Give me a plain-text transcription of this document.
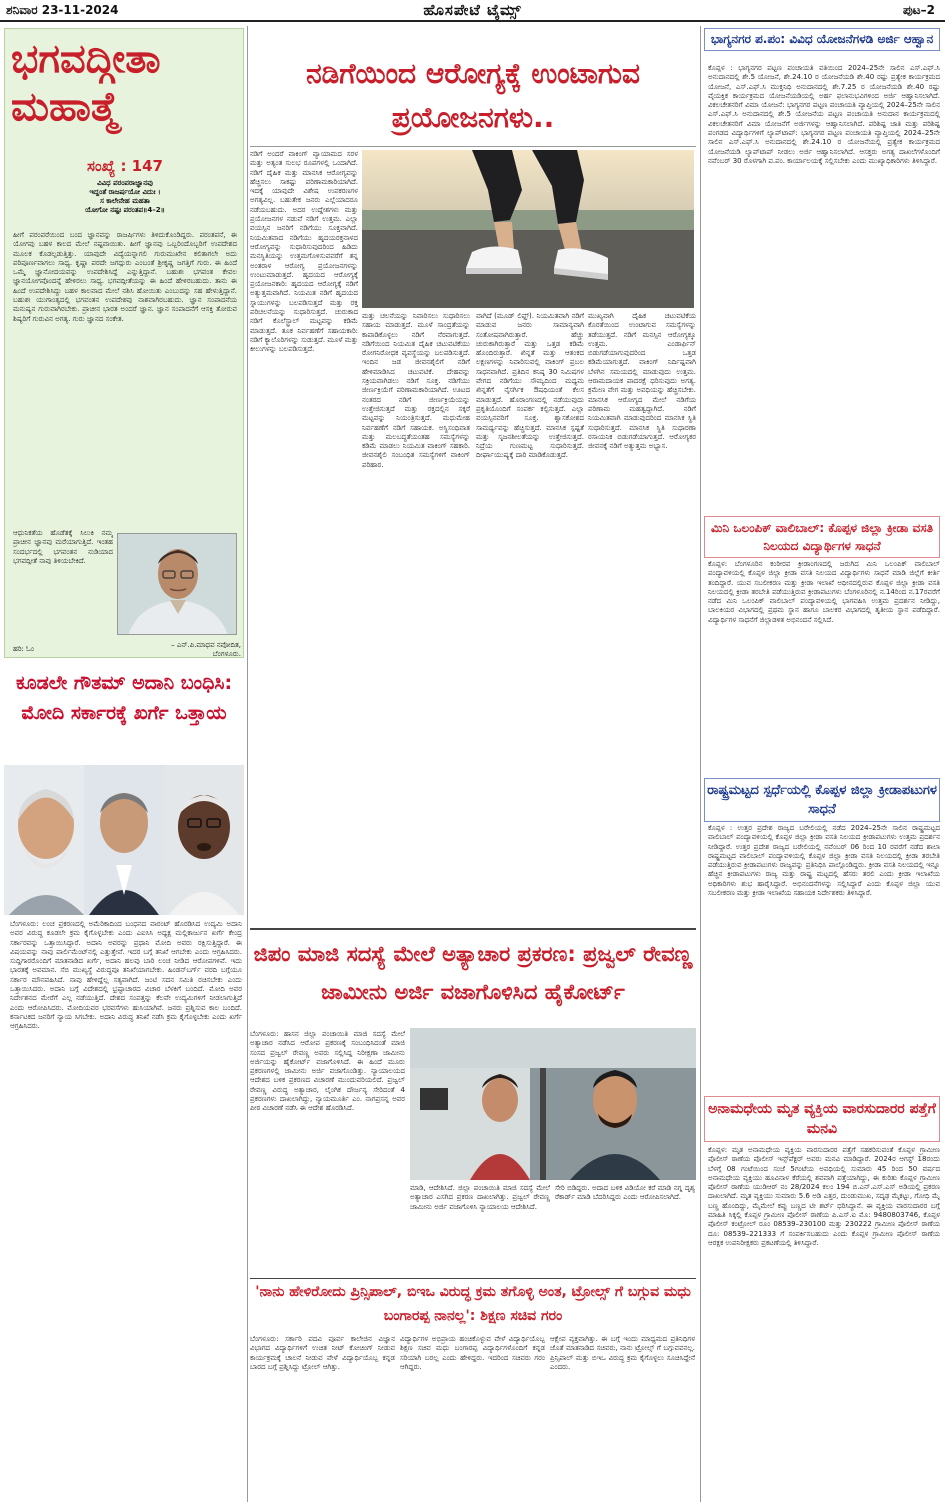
ಶನಿವಾರ 23-11-2024	ಹೊಸಪೇಟೆ ಟೈಮ್ಸ್	ಪುಟ–2
ಭಗವದ್ಗೀತಾ ಮಹಾತ್ಮೆ
ಸಂಖ್ಯೆ : 147
ವಿವಿಧ ಪರಂಪರಾಜ್ಞಾನವು
ಇದ್ದಂತೆ ರಾಜರ್ಷಯೋ ವಿದುಃ ।
ಸ ಕಾಲೇನೇಹ ಮಹತಾ
ಯೋಗೋ ನಷ್ಟಃ ಪರಂತಪ॥4–2॥
ಹೀಗೆ ಪರಂಪರೆಯಿಂದ ಬಂದ ಜ್ಞಾನವನ್ನು ರಾಜರ್ಷಿಗಳು ತಿಳಿದುಕೊಂಡಿದ್ದರು. ಪರಂತಪನೆ, ಈ ಯೋಗವು ಬಹಳ ಕಾಲದ ಮೇಲೆ ನಷ್ಟವಾಯಿತು. ಹೀಗೆ ಜ್ಞಾನವು ಒಬ್ಬರಿಂದೊಬ್ಬರಿಗೆ ಉಪದೇಶದ ಮೂಲಕ ಕೊಡಲ್ಪಡುತ್ತಿತ್ತು. ಯಾವುದೇ ವಿದ್ಯೆಯನ್ನಾಗಲಿ ಗುರುಮುಖೇನ ಕಲಿತಾಗಲೇ ಅದು ಪರಿಪೂರ್ಣವಾಗಲು ಸಾಧ್ಯ. ಕೃಷ್ಣಾ ಪರದೇ ಜಗದ್ಗುರು ಎಂಬಂತೆ ಶ್ರೀಕೃಷ್ಣ ಜಗತ್ತಿಗೆ ಗುರು. ಈ ಹಿಂದೆ ಒಮ್ಮೆ ಜ್ಞಾನೋದಯವನ್ನು ಉಪದೇಶಿಸಿದ್ದೆ ಎನ್ನುತ್ತಿದ್ದಾನೆ. ಬಹುಶಃ ಭಗವಂತ ಕೇವಲ ಜ್ಞಾನಯೋಗವೊಂದನ್ನೆ ಹೇಳಿರಲು ಸಾಧ್ಯ. ಭಗವದ್ಗೀತೆಯನ್ನು ಈ ಹಿಂದೆ ಹೇಳಿರಬಹುದು. ತಾನು ಈ ಹಿಂದೆ ಉಪದೇಶಿಸಿದ್ದು ಬಹಳ ಕಾಲವಾದ ಮೇಲೆ ನಶಿಸಿ ಹೋಯಿತು ಎಂಬುದನ್ನು ಸಹ ಹೇಳುತ್ತಿದ್ದಾನೆ. ಬಹುಶಃ ಯುಗಾಂತ್ಯದಲ್ಲಿ ಭಗವಂತನ ಉಪದೇಶವು ನಾಶವಾಗಿರಬಹುದು. ಜ್ಞಾನ ಸಂಪಾದನೆಯ ಮನುಷ್ಯನ ಗುರುವಾಗಿರಬೇಕು. ಪ್ರಾಚೀನ ಭಾರತ ಅಂದರೆ ಜ್ಞಾನ. ಜ್ಞಾನ ಸಂಪಾದನೆಗೆ ಆಸಕ್ತಿ ತೋರುವ ಶಿಷ್ಯರಿಗೆ ಗುರುವಿನ ಅಗತ್ಯ. ಗುರು ಜ್ಞಾನದ ಸಂಕೇತ.
ಆಧುನಿಕತೆಯ ಹೊಡೆತಕ್ಕೆ ಸಿಲುಕಿ ನಮ್ಮ ಪ್ರಾಚೀನ ಜ್ಞಾನವು ಮರೆಯಾಗುತ್ತಿದೆ. ಇಂತಹ ಸಂದರ್ಭದಲ್ಲಿ ಭಗವಂತನ ನುಡಿಯಾದ ಭಗವದ್ಗೀತೆ ನಾವು ತಿಳಿಯಬೇಕಿದೆ.
ಹರಿ: ಓಂ	– ಎನ್.ಪಿ.ಮಾಧವ ನವೋದಿತ,
ಬೆಂಗಳೂರು.
ಕೂಡಲೇ ಗೌತಮ್ ಅದಾನಿ ಬಂಧಿಸಿ: ಮೋದಿ ಸರ್ಕಾರಕ್ಕೆ ಖರ್ಗೆ ಒತ್ತಾಯ
ಬೆಂಗಳೂರು: ಲಂಚ ಪ್ರಕರಣದಲ್ಲಿ ಅಮೆರಿಕಾದಿಂದ ಬಂಧನದ ವಾರಂಟ್ ಹೊರಡಿಸಿದ ಉದ್ಯಮಿ ಅದಾನಿ ಅವರ ವಿರುದ್ಧ ಕೂಡಲೇ ಕ್ರಮ ಕೈಗೊಳ್ಳಬೇಕು ಎಂದು ಎಐಸಿಸಿ ಅಧ್ಯಕ್ಷ ಮಲ್ಲಿಕಾರ್ಜುನ ಖರ್ಗೆ ಕೇಂದ್ರ ಸರ್ಕಾರವನ್ನು ಒತ್ತಾಯಿಸಿದ್ದಾರೆ. ಅದಾನಿ ಅವರನ್ನು ಪ್ರಧಾನಿ ಮೋದಿ ಅವರು ರಕ್ಷಿಸುತ್ತಿದ್ದಾರೆ. ಈ ವಿಷಯವನ್ನು ನಾವು ಪಾರ್ಲಿಮೆಂಟ್‌ನಲ್ಲಿ ಎತ್ತುತ್ತೇವೆ. ಇದರ ಬಗ್ಗೆ ತನಿಖೆ ಆಗಬೇಕು ಎಂದು ಆಗ್ರಹಿಸಿದರು. ಸುದ್ದಿಗಾರರೊಂದಿಗೆ ಮಾತನಾಡಿದ ಖರ್ಗೆ, ಅದಾನಿ ಹಲವು ಬಾರಿ ಲಂಚ ನೀಡಿದ ಆರೋಪಗಳಿವೆ. ಇದು ಭಾರತಕ್ಕೆ ಅವಮಾನ. ಸೆಬಿ ಮುಖ್ಯಸ್ಥೆ ವಿರುದ್ಧವೂ ತನಿಖೆಯಾಗಬೇಕು. ಹಿಂಡನ್‌ಬರ್ಗ್ ವರದಿ ಬಗ್ಗೆಯೂ ಸರ್ಕಾರ ಮೌನವಹಿಸಿದೆ. ನಾವು ಹೇಳಿದ್ದೆಲ್ಲ ಸತ್ಯವಾಗಿದೆ. ಜಂಟಿ ಸದನ ಸಮಿತಿ ರಚಿಸಬೇಕು ಎಂದು ಒತ್ತಾಯಿಸಿದರು. ಅದಾನಿ ಬಗ್ಗೆ ವಿದೇಶದಲ್ಲಿ ಭ್ರಷ್ಟಾಚಾರದ ವಿಚಾರ ಬೆಳಕಿಗೆ ಬಂದಿದೆ. ಮೋದಿ ಅವರ ನಿರ್ದೇಶನದ ಮೇರೆಗೆ ಎಲ್ಲ ನಡೆಯುತ್ತಿದೆ. ದೇಶದ ಸಂಪತ್ತನ್ನು ಕೆಲವೇ ಉದ್ಯಮಿಗಳಿಗೆ ನೀಡಲಾಗುತ್ತಿದೆ ಎಂದು ಆರೋಪಿಸಿದರು. ಮೋದಿಯವರ ಭರವಸೆಗಳು ಹುಸಿಯಾಗಿವೆ. ಜನರು ಪ್ರಶ್ನಿಸುವ ಕಾಲ ಬಂದಿದೆ. ಕರ್ನಾಟಕದ ಜನರಿಗೆ ನ್ಯಾಯ ಸಿಗಬೇಕು. ಅದಾನಿ ವಿರುದ್ಧ ತನಿಖೆ ನಡೆಸಿ ಕ್ರಮ ಕೈಗೊಳ್ಳಬೇಕು ಎಂದು ಖರ್ಗೆ ಆಗ್ರಹಿಸಿದರು.
ನಡಿಗೆಯಿಂದ ಆರೋಗ್ಯಕ್ಕೆ ಉಂಟಾಗುವ ಪ್ರಯೋಜನಗಳು..
ನಡಿಗೆ ಅಂದರೆ ವಾಕಿಂಗ್ ವ್ಯಾಯಾಮದ ಸರಳ ಮತ್ತು ಅತ್ಯಂತ ಸುಲಭ ರೂಪಗಳಲ್ಲಿ ಒಂದಾಗಿದೆ. ನಡಿಗೆ ದೈಹಿಕ ಮತ್ತು ಮಾನಸಿಕ ಆರೋಗ್ಯವನ್ನು ಹೆಚ್ಚಿಸಲು ಸಾಕಷ್ಟು ಪರಿಣಾಮಕಾರಿಯಾಗಿದೆ. ಇದಕ್ಕೆ ಯಾವುದೇ ವಿಶೇಷ ಉಪಕರಣಗಳ ಅಗತ್ಯವಿಲ್ಲ. ಬಹುತೇಕ ಜನರು ಎಲ್ಲೆಯಾದರೂ ನಡೆಯಬಹುದು. ಅದರ ಉದ್ದೇಶಗಳು ಮತ್ತು ಪ್ರಯೋಜನಗಳ ನಡುವೆ ನಡಿಗೆ ಉತ್ತಮ. ಎಲ್ಲಾ ವಯಸ್ಸಿನ ಜನರಿಗೆ ನಡಿಗೆಯು ಸೂಕ್ತವಾಗಿದೆ. ನಿಯಮಿತವಾದ ನಡಿಗೆಯು ಹೃದಯರಕ್ತನಾಳದ ಆರೋಗ್ಯವನ್ನು ಸುಧಾರಿಸುವುದರಿಂದ ಹಿಡಿದು ಮನಸ್ಥಿತಿಯನ್ನು ಉತ್ತಮಗೊಳಿಸುವವರೆಗೆ ತನ್ನ ಅಂತರಾಳ ಆರೋಗ್ಯ ಪ್ರಯೋಜನಗಳನ್ನು ಉಂಟುಮಾಡುತ್ತದೆ. ಹೃದಯದ ಆರೋಗ್ಯಕ್ಕೆ ಪ್ರಯೋಜನಕಾರಿ: ಹೃದಯದ ಆರೋಗ್ಯಕ್ಕೆ ನಡಿಗೆ ಅತ್ಯುತ್ತಮವಾಗಿದೆ. ನಿಯಮಿತ ನಡಿಗೆ ಹೃದಯದ ಸ್ನಾಯುಗಳನ್ನು ಬಲಪಡಿಸುತ್ತದೆ ಮತ್ತು ರಕ್ತ ಪರಿಚಲನೆಯನ್ನು ಸುಧಾರಿಸುತ್ತದೆ. ಚುರುಕಾದ ನಡಿಗೆ ಕೊಲೆಸ್ಟ್ರಾಲ್ ಮಟ್ಟವನ್ನು ಕಡಿಮೆ ಮಾಡುತ್ತದೆ. ತೂಕ ನಿರ್ವಹಣೆಗೆ ಸಹಾಯಕಾರಿ: ನಡಿಗೆ ಕ್ಯಾಲೊರಿಗಳನ್ನು ಸುಡುತ್ತದೆ. ಮೂಳೆ ಮತ್ತು ಕೀಲುಗಳನ್ನು ಬಲಪಡಿಸುತ್ತದೆ.
ಮತ್ತು ಚಲನೆಯನ್ನು ನಿವಾರಿಸಲು ಸುಧಾರಿಸಲು ಸಹಾಯ ಮಾಡುತ್ತದೆ. ಮೂಳೆ ಸಾಂದ್ರತೆಯನ್ನು ಕಾಪಾಡಿಕೊಳ್ಳಲು ನಡಿಗೆ ನೆರವಾಗುತ್ತದೆ. ನಡಿಗೆಯಿಂದ ನಿಯಮಿತ ದೈಹಿಕ ಚಟುವಟಿಕೆಯು ರೋಗನಿರೋಧಕ ವ್ಯವಸ್ಥೆಯನ್ನು ಬಲಪಡಿಸುತ್ತದೆ. ಇಂದಿನ ಜಡ ಜೀವನಶೈಲಿಗೆ ನಡಿಗೆ ಹೇಳಿಮಾಡಿಸಿದ ಚಟುವಟಿಕೆ. ದೇಹವನ್ನು ಸಕ್ರಿಯವಾಗಿಡಲು ನಡಿಗೆ ಸೂಕ್ತ. ನಡಿಗೆಯು ಜೀರ್ಣಕ್ರಿಯೆಗೆ ಪರಿಣಾಮಕಾರಿಯಾಗಿದೆ. ಊಟದ ನಂತರದ ನಡಿಗೆ ಜೀರ್ಣಕ್ರಿಯೆಯನ್ನು ಉತ್ತೇಜಿಸುತ್ತದೆ ಮತ್ತು ರಕ್ತದಲ್ಲಿನ ಸಕ್ಕರೆ ಮಟ್ಟವನ್ನು ನಿಯಂತ್ರಿಸುತ್ತದೆ. ಮಧುಮೇಹ ನಿರ್ವಹಣೆಗೆ ನಡಿಗೆ ಸಹಾಯಕ. ಅಸ್ಥಿಸಂಧಿವಾತ ಮತ್ತು ಮಲಬದ್ಧತೆಯಂತಹ ಸಮಸ್ಯೆಗಳನ್ನು ಕಡಿಮೆ ಮಾಡಲು ನಿಯಮಿತ ವಾಕಿಂಗ್ ಸಹಕಾರಿ. ಜೀವನಶೈಲಿ ಸಂಬಂಧಿತ ಸಮಸ್ಯೆಗಳಿಗೆ ವಾಕಿಂಗ್ ಪರಿಹಾರ.
ವಾಗಿದೆ (ಮೂಡ್ ಲಿಫ್ಟ್). ನಿಯಮಿತವಾಗಿ ನಡಿಗೆ ಮಾಡುವ ಜನರು ಸಾಮಾನ್ಯವಾಗಿ ಸಂತೋಷವಾಗಿರುತ್ತಾರೆ. ಹೆಚ್ಚು ಚುರುಕಾಗಿರುತ್ತಾರೆ ಮತ್ತು ಒತ್ತಡ ಕಡಿಮೆ ಹೊಂದಿರುತ್ತಾರೆ. ಖಿನ್ನತೆ ಮತ್ತು ಆತಂಕದ ಲಕ್ಷಣಗಳನ್ನು ನಿವಾರಿಸುವಲ್ಲಿ ವಾಕಿಂಗ್ ಪ್ರಬಲ ಸಾಧನವಾಗಿದೆ. ಪ್ರತಿದಿನ ಕನಿಷ್ಠ 30 ನಿಮಿಷಗಳ ವೇಗದ ನಡಿಗೆಯು ಸೌಮ್ಯದಿಂದ ಮಧ್ಯಮ ಖಿನ್ನತೆಗೆ ನೈಸರ್ಗಿಕ ಔಷಧಿಯಂತೆ ಕೆಲಸ ಮಾಡುತ್ತದೆ. ಹೊರಾಂಗಣದಲ್ಲಿ ನಡೆಯುವುದು ಪ್ರಕೃತಿಯೊಂದಿಗೆ ಸಂಪರ್ಕ ಕಲ್ಪಿಸುತ್ತದೆ. ಎಲ್ಲಾ ವಯಸ್ಸಿನವರಿಗೆ ಸೂಕ್ತ. ಶ್ವಾಸಕೋಶದ ಸಾಮರ್ಥ್ಯವನ್ನು ಹೆಚ್ಚಿಸುತ್ತದೆ. ಮಾನಸಿಕ ಸ್ಪಷ್ಟತೆ ಮತ್ತು ಸೃಜನಶೀಲತೆಯನ್ನು ಉತ್ತೇಜಿಸುತ್ತದೆ. ನಿದ್ರೆಯ ಗುಣಮಟ್ಟ ಸುಧಾರಿಸುತ್ತದೆ. ದೀರ್ಘಾಯುಷ್ಯಕ್ಕೆ ದಾರಿ ಮಾಡಿಕೊಡುತ್ತದೆ.
ಮುಖ್ಯವಾಗಿ ದೈಹಿಕ ಚಟುವಟಿಕೆಯ ಕೊರತೆಯಿಂದ ಉಂಟಾಗುವ ಸಮಸ್ಯೆಗಳನ್ನು ತಡೆಯುತ್ತದೆ. ನಡಿಗೆ ಮನಸ್ಸಿನ ಆರೋಗ್ಯಕ್ಕೂ ಉತ್ತಮ. ಎಂಡಾರ್ಫಿನ್ ಬಿಡುಗಡೆಯಾಗುವುದರಿಂದ ಒತ್ತಡ ಕಡಿಮೆಯಾಗುತ್ತದೆ. ವಾಕಿಂಗ್ ನಿರ್ದಿಷ್ಟವಾಗಿ ಬೆಳಗಿನ ಸಮಯದಲ್ಲಿ ಮಾಡುವುದು ಉತ್ತಮ. ಆರಾಮದಾಯಕ ಪಾದರಕ್ಷೆ ಧರಿಸುವುದು ಅಗತ್ಯ. ಕ್ರಮೇಣ ವೇಗ ಮತ್ತು ಅವಧಿಯನ್ನು ಹೆಚ್ಚಿಸಬೇಕು. ಮಾನಸಿಕ ಆರೋಗ್ಯದ ಮೇಲೆ ನಡಿಗೆಯ ಪರಿಣಾಮ ಮಹತ್ವದ್ದಾಗಿದೆ. ನಡಿಗೆ ನಿಯಮಿತವಾಗಿ ಮಾಡುವುದರಿಂದ ಮಾನಸಿಕ ಸ್ಥಿತಿ ಸುಧಾರಿಸುತ್ತದೆ. ಮಾನಸಿಕ ಸ್ಥಿತಿ ಸುಧಾರಣಾ ರಸಾಯನಿಕ ಬಿಡುಗಡೆಯಾಗುತ್ತದೆ. ಆರೋಗ್ಯಕರ ಜೀವನಕ್ಕೆ ನಡಿಗೆ ಅತ್ಯುತ್ತಮ ಅಭ್ಯಾಸ.
ಜಿಪಂ ಮಾಜಿ ಸದಸ್ಯೆ ಮೇಲೆ ಅತ್ಯಾಚಾರ ಪ್ರಕರಣ: ಪ್ರಜ್ವಲ್ ರೇವಣ್ಣ ಜಾಮೀನು ಅರ್ಜಿ ವಜಾಗೊಳಿಸಿದ ಹೈಕೋರ್ಟ್
ಬೆಂಗಳೂರು: ಹಾಸನ ಜಿಲ್ಲಾ ಪಂಚಾಯಿತಿ ಮಾಜಿ ಸದಸ್ಯೆ ಮೇಲೆ ಅತ್ಯಾಚಾರ ನಡೆಸಿದ ಆರೋಪ ಪ್ರಕರಣಕ್ಕೆ ಸಂಬಂಧಿಸಿದಂತೆ ಮಾಜಿ ಸಂಸದ ಪ್ರಜ್ವಲ್ ರೇವಣ್ಣ ಅವರು ಸಲ್ಲಿಸಿದ್ದ ನಿರೀಕ್ಷಣಾ ಜಾಮೀನು ಅರ್ಜಿಯನ್ನು ಹೈಕೋರ್ಟ್ ವಜಾಗೊಳಿಸಿದೆ. ಈ ಹಿಂದೆ ಮೂರು ಪ್ರಕರಣಗಳಲ್ಲಿ ಜಾಮೀನು ಅರ್ಜಿ ವಜಾಗೊಂಡಿತ್ತು. ನ್ಯಾಯಾಲಯದ ಆದೇಶದ ಬಳಿಕ ಪ್ರಕರಣದ ವಿಚಾರಣೆ ಮುಂದುವರಿಯಲಿದೆ. ಪ್ರಜ್ವಲ್ ರೇವಣ್ಣ ವಿರುದ್ಧ ಅತ್ಯಾಚಾರ, ಲೈಂಗಿಕ ದೌರ್ಜನ್ಯ ಸೇರಿದಂತೆ 4 ಪ್ರಕರಣಗಳು ದಾಖಲಾಗಿದ್ದು, ನ್ಯಾಯಮೂರ್ತಿ ಎಂ. ನಾಗಪ್ರಸನ್ನ ಅವರ ಪೀಠ ವಿಚಾರಣೆ ನಡೆಸಿ ಈ ಆದೇಶ ಹೊರಡಿಸಿದೆ.
ಮಾಡಿ, ಆದೇಶಿಸಿದೆ. ಜಿಲ್ಲಾ ಪಂಚಾಯಿತಿ ಮಾಜಿ ಸದಸ್ಯೆ ಮೇಲೆ ಅತ್ಯಾಚಾರ ಎಸಗಿದ ಪ್ರಕರಣ ದಾಖಲಾಗಿತ್ತು. ಪ್ರಜ್ವಲ್ ರೇವಣ್ಣ ಜಾಮೀನು ಅರ್ಜಿ ವಜಾಗೊಳಿಸಿ ನ್ಯಾಯಾಲಯ ಆದೇಶಿಸಿದೆ.
ಸೇರಿ ಬಿಡಿದ್ದರು. ಅದಾದ ಬಳಿಕ ವಿಡಿಯೋ ಕರೆ ಮಾಡಿ ನಗ್ನ ದೃಶ್ಯ ರೆಕಾರ್ಡ್ ಮಾಡಿ ಬೆದರಿಸಿದ್ದರು ಎಂದು ಆರೋಪಿಸಲಾಗಿದೆ.
'ನಾನು ಹೇಳಿರೋದು ಪ್ರಿನ್ಸಿಪಾಲ್, ಬಿಇಒ ವಿರುದ್ಧ ಕ್ರಮ ತಗೊಳ್ಳಿ ಅಂತ, ಟ್ರೋಲ್ಸ್ ಗೆ ಬಗ್ಗುವ ಮಧು ಬಂಗಾರಪ್ಪ ನಾನಲ್ಲ': ಶಿಕ್ಷಣ ಸಚಿವ ಗರಂ
ಬೆಂಗಳೂರು: ಸರ್ಕಾರಿ ಪದವಿ ಪೂರ್ವ ಕಾಲೇಜಿನ ವಿಜ್ಞಾನ ವಿಭಾಗದ ವಿದ್ಯಾರ್ಥಿಗಳಿಗೆ ಉಚಿತ ನೀಟ್ ಕೋಚಿಂಗ್ ನೀಡುವ ಕಾರ್ಯಕ್ರಮಕ್ಕೆ ಚಾಲನೆ ನೀಡುವ ವೇಳೆ ವಿದ್ಯಾರ್ಥಿಯೊಬ್ಬ ಕನ್ನಡ ಬಾರದ ಬಗ್ಗೆ ಪ್ರಶ್ನಿಸಿದ್ದು ಟ್ರೋಲ್ ಆಗಿತ್ತು.
ವಿದ್ಯಾರ್ಥಿಗಳ ಅಭಿಪ್ರಾಯ ಹಂಚಿಕೊಳ್ಳುವ ವೇಳೆ ವಿದ್ಯಾರ್ಥಿಯೊಬ್ಬ ಶಿಕ್ಷಣ ಸಚಿವ ಮಧು ಬಂಗಾರಪ್ಪ ವಿದ್ಯಾರ್ಥಿಗಳೊಂದಿಗೆ ಕನ್ನಡ ಸರಿಯಾಗಿ ಬರಲ್ಲ ಎಂದು ಹೇಳಿದ್ದರು. ಇದರಿಂದ ಸಚಿವರು ಗರಂ ಆಗಿದ್ದರು.
ಆಕ್ಷೇಪ ವ್ಯಕ್ತವಾಗಿತ್ತು. ಈ ಬಗ್ಗೆ ಇಂದು ಮಾಧ್ಯಮದ ಪ್ರತಿನಿಧಿಗಳ ಜೊತೆ ಮಾತನಾಡಿದ ಸಚಿವರು, ನಾನು ಟ್ರೋಲ್ಸ್ ಗೆ ಬಗ್ಗುವವನಲ್ಲ. ಪ್ರಿನ್ಸಿಪಾಲ್ ಮತ್ತು ಬಿಇಒ ವಿರುದ್ಧ ಕ್ರಮ ಕೈಗೊಳ್ಳಲು ಸೂಚಿಸಿದ್ದೇನೆ ಎಂದರು.
ಭಾಗ್ಯನಗರ ಪ.ಪಂ: ವಿವಿಧ ಯೋಜನೆಗಳಡಿ ಅರ್ಜಿ ಆಹ್ವಾನ
ಕೊಪ್ಪಳ : ಭಾಗ್ಯನಗರ ಪಟ್ಟಣ ಪಂಚಾಯತಿ ವತಿಯಿಂದ 2024–25ನೇ ಸಾಲಿನ ಎಸ್.ಎಫ್.ಸಿ ಅನುದಾನದಲ್ಲಿ ಶೇ.5 ಯೋಜನೆ, ಶೇ.24.10 ರ ಯೋಜನೆಯಡಿ ಶೇ.40 ರಷ್ಟು ಪ್ರತ್ಯೇಕ ಕಾರ್ಯಕ್ರಮದ ಯೋಜನೆ, ಎಸ್.ಎಫ್.ಸಿ ಮುಕ್ತನಿಧಿ ಅನುದಾನದಲ್ಲಿ ಶೇ.7.25 ರ ಯೋಜನೆಯಡಿ ಶೇ.40 ರಷ್ಟು ವೈಯಕ್ತಿಕ ಕಾರ್ಯಕ್ರಮದ ಯೋಜನೆಯಡಿಯಲ್ಲಿ ಅರ್ಹ ಫಲಾನುಭವಿಗಳಿಂದ ಅರ್ಜಿ ಆಹ್ವಾನಿಸಲಾಗಿದೆ. ವಿಕಲಚೇತನರಿಗೆ ವಿಮಾ ಯೋಜನೆ: ಭಾಗ್ಯನಗರ ಪಟ್ಟಣ ಪಂಚಾಯತಿ ವ್ಯಾಪ್ತಿಯಲ್ಲಿ 2024–25ನೇ ಸಾಲಿನ ಎಸ್.ಎಫ್.ಸಿ ಅನುದಾನದಲ್ಲಿ ಶೇ.5 ಯೋಜನೆಯ ಪಟ್ಟಣ ಪಂಚಾಯತಿ ಅನುದಾನ ಕಾರ್ಯಕ್ರಮದಲ್ಲಿ ವಿಕಲಚೇತನರಿಗೆ ವಿಮಾ ಯೋಜನೆಗೆ ಅರ್ಜಿಗಳನ್ನು ಆಹ್ವಾನಿಸಲಾಗಿದೆ. ಪರಿಶಿಷ್ಟ ಜಾತಿ ಮತ್ತು ಪರಿಶಿಷ್ಟ ಪಂಗಡದ ವಿದ್ಯಾರ್ಥಿಗಳಿಗೆ ಲ್ಯಾಪ್‌ಟಾಪ್: ಭಾಗ್ಯನಗರ ಪಟ್ಟಣ ಪಂಚಾಯತಿ ವ್ಯಾಪ್ತಿಯಲ್ಲಿ 2024–25ನೇ ಸಾಲಿನ ಎಸ್.ಎಫ್.ಸಿ ಅನುದಾನದಲ್ಲಿ ಶೇ.24.10 ರ ಯೋಜನೆಯಲ್ಲಿ ಪ್ರತ್ಯೇಕ ಕಾರ್ಯಕ್ರಮದ ಯೋಜನೆಯಡಿ ಲ್ಯಾಪ್‌ಟಾಪ್ ನೀಡಲು ಅರ್ಜಿ ಆಹ್ವಾನಿಸಲಾಗಿದೆ. ಆಸಕ್ತರು ಅಗತ್ಯ ದಾಖಲೆಗಳೊಂದಿಗೆ ನವೆಂಬರ್ 30 ರೊಳಗಾಗಿ ಪ.ಪಂ. ಕಾರ್ಯಾಲಯಕ್ಕೆ ಸಲ್ಲಿಸಬೇಕು ಎಂದು ಮುಖ್ಯಾಧಿಕಾರಿಗಳು ತಿಳಿಸಿದ್ದಾರೆ.
ಮಿನಿ ಒಲಂಪಿಕ್ ವಾಲಿಬಾಲ್: ಕೊಪ್ಪಳ ಜಿಲ್ಲಾ ಕ್ರೀಡಾ ವಸತಿ ನಿಲಯದ ವಿದ್ಯಾರ್ಥಿಗಳ ಸಾಧನೆ
ಕೊಪ್ಪಳ: ಬೆಂಗಳೂರಿನ ಕಂಠೀರವ ಕ್ರೀಡಾಂಗಣದಲ್ಲಿ ಜರುಗಿದ ಮಿನಿ ಒಲಂಪಿಕ್ ವಾಲಿಬಾಲ್ ಪಂದ್ಯಾವಳಿಯಲ್ಲಿ ಕೊಪ್ಪಳ ಜಿಲ್ಲಾ ಕ್ರೀಡಾ ವಸತಿ ನಿಲಯದ ವಿದ್ಯಾರ್ಥಿಗಳು ಸಾಧನೆ ಮಾಡಿ ಜಿಲ್ಲೆಗೆ ಕೀರ್ತಿ ತಂದಿದ್ದಾರೆ. ಯುವ ಸಬಲೀಕರಣ ಮತ್ತು ಕ್ರೀಡಾ ಇಲಾಖೆ ಅಧೀನದಲ್ಲಿರುವ ಕೊಪ್ಪಳ ಜಿಲ್ಲಾ ಕ್ರೀಡಾ ವಸತಿ ನಿಲಯದಲ್ಲಿ ಕ್ರೀಡಾ ತರಬೇತಿ ಪಡೆಯುತ್ತಿರುವ ಕ್ರೀಡಾಪಟುಗಳು ಬೆಂಗಳೂರಿನಲ್ಲಿ ನ.14ರಿಂದ ನ.17ರವರೆಗೆ ನಡೆದ ಮಿನಿ ಒಲಂಪಿಕ್ ವಾಲಿಬಾಲ್ ಪಂದ್ಯಾವಳಿಯಲ್ಲಿ ಭಾಗವಹಿಸಿ ಉತ್ತಮ ಪ್ರದರ್ಶನ ನೀಡಿದ್ದು, ಬಾಲಕಿಯರ ವಿಭಾಗದಲ್ಲಿ ಪ್ರಥಮ ಸ್ಥಾನ ಹಾಗೂ ಬಾಲಕರ ವಿಭಾಗದಲ್ಲಿ ತೃತೀಯ ಸ್ಥಾನ ಪಡೆದಿದ್ದಾರೆ. ವಿದ್ಯಾರ್ಥಿಗಳ ಸಾಧನೆಗೆ ಜಿಲ್ಲಾಡಳಿತ ಅಭಿನಂದನೆ ಸಲ್ಲಿಸಿದೆ.
ರಾಷ್ಟ್ರಮಟ್ಟದ ಸ್ಪರ್ಧೆಯಲ್ಲಿ ಕೊಪ್ಪಳ ಜಿಲ್ಲಾ ಕ್ರೀಡಾಪಟುಗಳ ಸಾಧನೆ
ಕೊಪ್ಪಳ : ಉತ್ತರ ಪ್ರದೇಶ ರಾಜ್ಯದ ಬರೇಲಿಯಲ್ಲಿ ನಡೆದ 2024–25ನೇ ಸಾಲಿನ ರಾಷ್ಟ್ರಮಟ್ಟದ ವಾಲಿಬಾಲ್ ಪಂದ್ಯಾವಳಿಯಲ್ಲಿ ಕೊಪ್ಪಳ ಜಿಲ್ಲಾ ಕ್ರೀಡಾ ವಸತಿ ನಿಲಯದ ಕ್ರೀಡಾಪಟುಗಳು ಉತ್ತಮ ಪ್ರದರ್ಶನ ನೀಡಿದ್ದಾರೆ. ಉತ್ತರ ಪ್ರದೇಶ ರಾಜ್ಯದ ಬರೇಲಿಯಲ್ಲಿ ನವೆಂಬರ್ 06 ರಿಂದ 10 ರವರೆಗೆ ನಡೆದ ಶಾಲಾ ರಾಷ್ಟ್ರಮಟ್ಟದ ವಾಲಿಬಾಲ್ ಪಂದ್ಯಾವಳಿಯಲ್ಲಿ ಕೊಪ್ಪಳ ಜಿಲ್ಲಾ ಕ್ರೀಡಾ ವಸತಿ ನಿಲಯದಲ್ಲಿ ಕ್ರೀಡಾ ತರಬೇತಿ ಪಡೆಯುತ್ತಿರುವ ಕ್ರೀಡಾಪಟುಗಳು ರಾಜ್ಯವನ್ನು ಪ್ರತಿನಿಧಿಸಿ ಪಾಲ್ಗೊಂಡಿದ್ದರು. ಕ್ರೀಡಾ ವಸತಿ ನಿಲಯದಲ್ಲಿ ಇನ್ನೂ ಹೆಚ್ಚಿನ ಕ್ರೀಡಾಪಟುಗಳು ರಾಜ್ಯ ಮತ್ತು ರಾಷ್ಟ್ರ ಮಟ್ಟದಲ್ಲಿ ಹೆಸರು ತರಲಿ ಎಂದು ಕ್ರೀಡಾ ಇಲಾಖೆಯ ಅಧಿಕಾರಿಗಳು ಶುಭ ಹಾರೈಸಿದ್ದಾರೆ. ಅಭಿನಂದನೆಗಳನ್ನು ಸಲ್ಲಿಸಿದ್ದಾರೆ ಎಂದು ಕೊಪ್ಪಳ ಜಿಲ್ಲಾ ಯುವ ಸಬಲೀಕರಣ ಮತ್ತು ಕ್ರೀಡಾ ಇಲಾಖೆಯ ಸಹಾಯಕ ನಿರ್ದೇಶಕರು ತಿಳಿಸಿದ್ದಾರೆ.
ಅನಾಮಧೇಯ ಮೃತ ವ್ಯಕ್ತಿಯ ವಾರಸುದಾರರ ಪತ್ತೆಗೆ ಮನವಿ
ಕೊಪ್ಪಳ: ಮೃತ ಅನಾಮಧೇಯ ವ್ಯಕ್ತಿಯ ವಾರಸುದಾರರ ಪತ್ತೆಗೆ ಸಹಕರಿಸುವಂತೆ ಕೊಪ್ಪಳ ಗ್ರಾಮೀಣ ಪೊಲೀಸ್ ಠಾಣೆಯ ಪೊಲೀಸ್ ಇನ್ಸ್‌ಪೆಕ್ಟರ್ ಅವರು ಮನವಿ ಮಾಡಿದ್ದಾರೆ. 2024ರ ಆಗಸ್ಟ್ 18ರಂದು ಬೆಳಗ್ಗೆ 08 ಗಂಟೆಯಿಂದ ಸಂಜೆ 5ಗಂಟೆಯ ಅವಧಿಯಲ್ಲಿ ಸುಮಾರು 45 ರಿಂದ 50 ವರ್ಷದ ಅನಾಮಧೇಯ ವ್ಯಕ್ತಿಯು ಹೂವಿನಾಳ ಕೆರೆಯಲ್ಲಿ ಶವವಾಗಿ ಪತ್ತೆಯಾಗಿದ್ದು, ಈ ಕುರಿತು ಕೊಪ್ಪಳ ಗ್ರಾಮೀಣ ಪೊಲೀಸ್ ಠಾಣೆಯ ಯುಡಿಆರ್ ನಂ 28/2024 ಕಲಂ 194 ಬಿ.ಎನ್.ಎಸ್.ಎಸ್ ಅಡಿಯಲ್ಲಿ ಪ್ರಕರಣ ದಾಖಲಾಗಿದೆ. ಮೃತ ವ್ಯಕ್ತಿಯು ಸುಮಾರು 5.6 ಅಡಿ ಎತ್ತರ, ದುಂಡುಮುಖ, ಸದೃಢ ಮೈಕಟ್ಟು, ಗೋಧಿ ಮೈ ಬಣ್ಣ ಹೊಂದಿದ್ದು, ಮೈಮೇಲೆ ಕಪ್ಪು ಬಣ್ಣದ ಟೀ ಶರ್ಟ್ ಧರಿಸಿದ್ದಾನೆ. ಈ ವ್ಯಕ್ತಿಯ ವಾರಸುದಾರರ ಬಗ್ಗೆ ಮಾಹಿತಿ ಸಿಕ್ಕಲ್ಲಿ ಕೊಪ್ಪಳ ಗ್ರಾಮೀಣ ಪೊಲೀಸ್ ಠಾಣೆಯ ಪಿ.ಎಸ್.ಐ ಮೊ: 9480803746, ಕೊಪ್ಪಳ ಪೊಲೀಸ್ ಕಂಟ್ರೋಲ್ ರೂಂ 08539–230100 ಮತ್ತು 230222 ಗ್ರಾಮೀಣ ಪೊಲೀಸ್ ಠಾಣೆಯ ದೂ: 08539–221333 ಗೆ ಸಂಪರ್ಕಿಸಬಹುದು ಎಂದು ಕೊಪ್ಪಳ ಗ್ರಾಮೀಣ ಪೊಲೀಸ್ ಠಾಣೆಯ ಆರಕ್ಷಕ ಉಪನಿರೀಕ್ಷಕರು ಪ್ರಕಟಣೆಯಲ್ಲಿ ತಿಳಿಸಿದ್ದಾರೆ.
